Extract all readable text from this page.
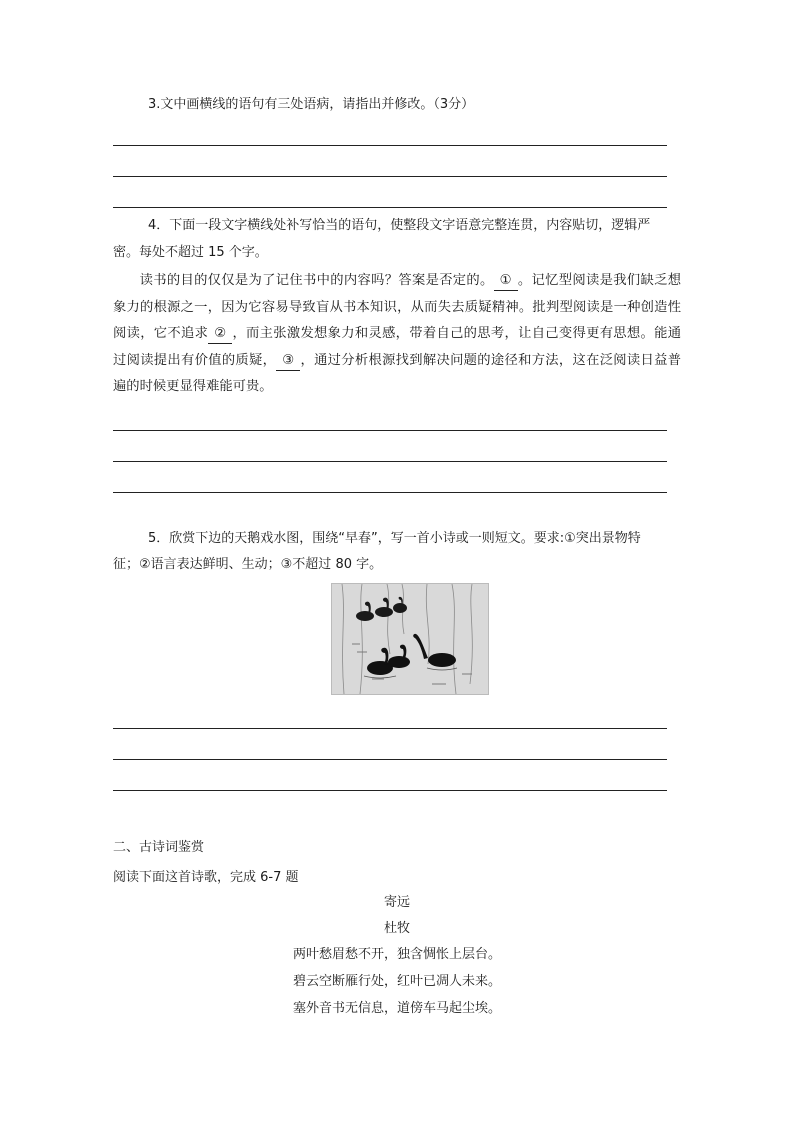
3.文中画横线的语句有三处语病，请指出并修改。（3分）
4．下面一段文字横线处补写恰当的语句，使整段文字语意完整连贯，内容贴切，逻辑严
密。每处不超过 15 个字。
读书的目的仅仅是为了记住书中的内容吗？答案是否定的。 ① 。记忆型阅读是我们缺乏想象力的根源之一，因为它容易导致盲从书本知识，从而失去质疑精神。批判型阅读是一种创造性阅读，它不追求 ② ，而主张激发想象力和灵感，带着自己的思考，让自己变得更有思想。能通过阅读提出有价值的质疑， ③ ，通过分析根源找到解决问题的途径和方法，这在泛阅读日益普遍的时候更显得难能可贵。
5．欣赏下边的天鹅戏水图，围绕“早春”，写一首小诗或一则短文。要求:①突出景物特
征；②语言表达鲜明、生动；③不超过 80 字。
二、古诗词鉴赏
阅读下面这首诗歌，完成 6-7 题
寄远
杜牧
两叶愁眉愁不开，独含惆怅上层台。
碧云空断雁行处，红叶已凋人未来。
塞外音书无信息，道傍车马起尘埃。
